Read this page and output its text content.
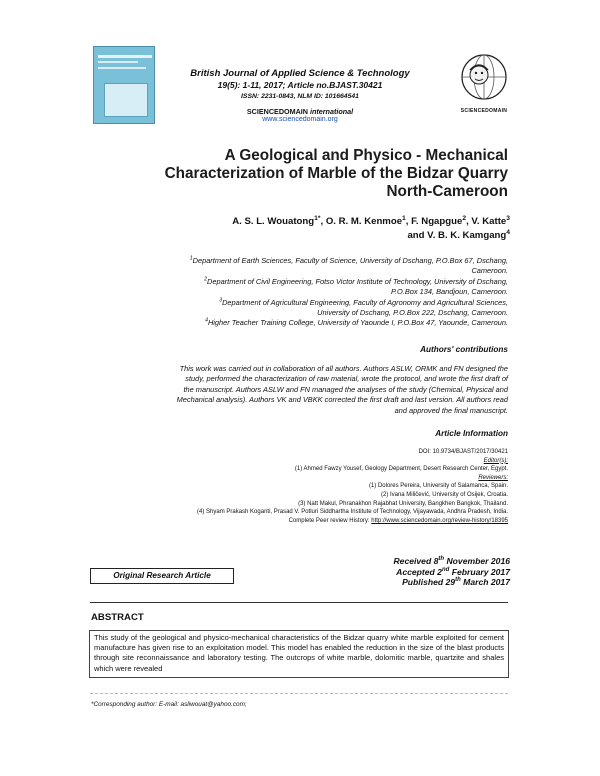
British Journal of Applied Science & Technology
19(5): 1-11, 2017; Article no.BJAST.30421
ISSN: 2231-0843, NLM ID: 101664541
SCIENCEDOMAIN international
www.sciencedomain.org
SCIENCEDOMAIN
A Geological and Physico - Mechanical
Characterization of Marble of the Bidzar Quarry
North-Cameroon
A. S. L. Wouatong$^{1*}$, O. R. M. Kenmoe$^1$, F. Ngapgue$^2$, V. Katte$^3$
and V. B. K. Kamgang$^4$
$^1$Department of Earth Sciences, Faculty of Science, University of Dschang, P.O.Box 67, Dschang,
Cameroon.
$^2$Department of Civil Engineering, Fotso Victor Institute of Technology, University of Dschang,
P.O.Box 134, Bandjoun, Cameroon.
$^3$Department of Agricultural Engineering, Faculty of Agronomy and Agricultural Sciences,
University of Dschang, P.O.Box 222, Dschang, Cameroon.
$^4$Higher Teacher Training College, University of Yaounde I, P.O.Box 47, Yaounde, Cameroun.
Authors' contributions
This work was carried out in collaboration of all authors. Authors ASLW, ORMK and FN designed the
study, performed the characterization of raw material, wrote the protocol, and wrote the first draft of
the manuscript. Authors ASLW and FN managed the analyses of the study (Chemical, Physical and
Mechanical analysis). Authors VK and VBKK corrected the first draft and last version. All authors read
and approved the final manuscript.
Article Information
DOI: 10.9734/BJAST/2017/30421
Editor(s):
(1) Ahmed Fawzy Yousef, Geology Department, Desert Research Center, Egypt.
Reviewers:
(1) Dolores Pereira, University of Salamanca, Spain.
(2) Ivana Miličević, University of Osijek, Croatia.
(3) Natt Makul, Phranakhon Rajabhat University, Bangkhen Bangkok, Thailand.
(4) Shyam Prakash Koganti, Prasad V. Potluri Siddhartha Institute of Technology, Vijayawada, Andhra Pradesh, India.
Complete Peer review History: http://www.sciencedomain.org/review-history/18395
Received 8th November 2016
Accepted 2nd February 2017
Published 29th March 2017
Original Research Article
ABSTRACT
This study of the geological and physico-mechanical characteristics of the Bidzar quarry white marble exploited for cement manufacture has given rise to an exploitation model. This model has enabled the reduction in the size of the blast products through site reconnaissance and laboratory testing. The outcrops of white marble, dolomitic marble, quartzite and shales which were revealed
*Corresponding author: E-mail: asliwouat@yahoo.com;
